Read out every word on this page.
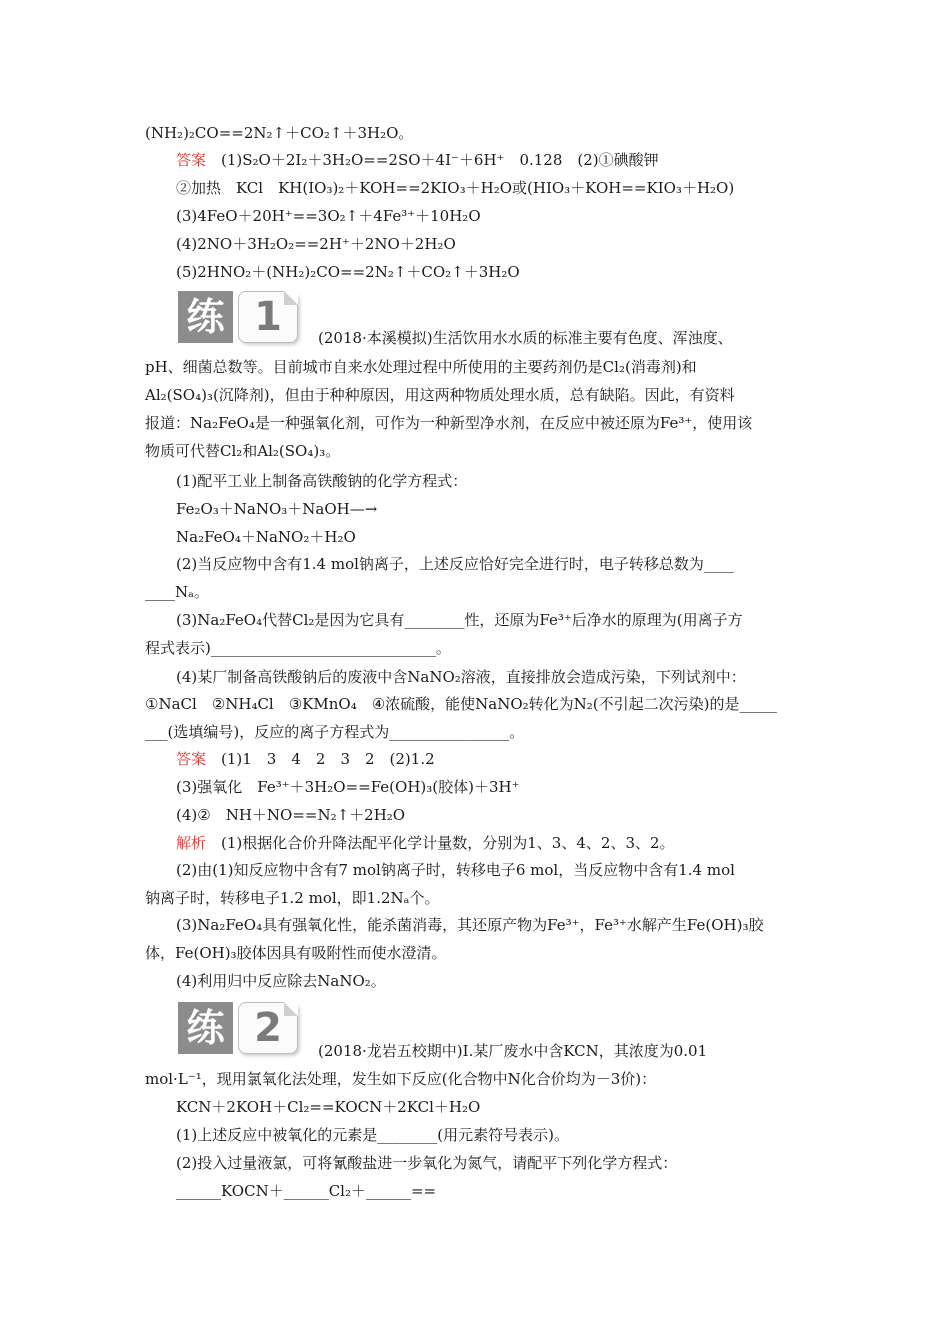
(NH₂)₂CO==2N₂↑＋CO₂↑＋3H₂O。
答案　(1)S₂O＋2I₂＋3H₂O==2SO＋4I⁻＋6H⁺　0.128　(2)①碘酸钾
②加热　KCl　KH(IO₃)₂＋KOH==2KIO₃＋H₂O或(HIO₃＋KOH==KIO₃＋H₂O)
(3)4FeO＋20H⁺==3O₂↑＋4Fe³⁺＋10H₂O
(4)2NO＋3H₂O₂==2H⁺＋2NO＋2H₂O
(5)2HNO₂＋(NH₂)₂CO==2N₂↑＋CO₂↑＋3H₂O
(2018·本溪模拟)生活饮用水水质的标准主要有色度、浑浊度、
pH、细菌总数等。目前城市自来水处理过程中所使用的主要药剂仍是Cl₂(消毒剂)和
Al₂(SO₄)₃(沉降剂)，但由于种种原因，用这两种物质处理水质，总有缺陷。因此，有资料
报道：Na₂FeO₄是一种强氧化剂，可作为一种新型净水剂，在反应中被还原为Fe³⁺，使用该
物质可代替Cl₂和Al₂(SO₄)₃。
(1)配平工业上制备高铁酸钠的化学方程式：
Fe₂O₃＋NaNO₃＋NaOH—→
Na₂FeO₄＋NaNO₂＋H₂O
(2)当反应物中含有1.4 mol钠离子，上述反应恰好完全进行时，电子转移总数为____
____Nₐ。
(3)Na₂FeO₄代替Cl₂是因为它具有________性，还原为Fe³⁺后净水的原理为(用离子方
程式表示)______________________________。
(4)某厂制备高铁酸钠后的废液中含NaNO₂溶液，直接排放会造成污染，下列试剂中：
①NaCl　②NH₄Cl　③KMnO₄　④浓硫酸，能使NaNO₂转化为N₂(不引起二次污染)的是_____
___(选填编号)，反应的离子方程式为________________。
答案　(1)1　3　4　2　3　2　(2)1.2
(3)强氧化　Fe³⁺＋3H₂O==Fe(OH)₃(胶体)＋3H⁺
(4)②　NH＋NO==N₂↑＋2H₂O
解析　(1)根据化合价升降法配平化学计量数，分别为1、3、4、2、3、2。
(2)由(1)知反应物中含有7 mol钠离子时，转移电子6 mol，当反应物中含有1.4 mol
钠离子时，转移电子1.2 mol，即1.2Nₐ个。
(3)Na₂FeO₄具有强氧化性，能杀菌消毒，其还原产物为Fe³⁺，Fe³⁺水解产生Fe(OH)₃胶
体，Fe(OH)₃胶体因具有吸附性而使水澄清。
(4)利用归中反应除去NaNO₂。
(2018·龙岩五校期中)Ⅰ.某厂废水中含KCN，其浓度为0.01
mol·L⁻¹，现用氯氧化法处理，发生如下反应(化合物中N化合价均为－3价)：
KCN＋2KOH＋Cl₂==KOCN＋2KCl＋H₂O
(1)上述反应中被氧化的元素是________(用元素符号表示)。
(2)投入过量液氯，可将氰酸盐进一步氧化为氮气，请配平下列化学方程式：
______KOCN＋______Cl₂＋______==
练 1
练 2
